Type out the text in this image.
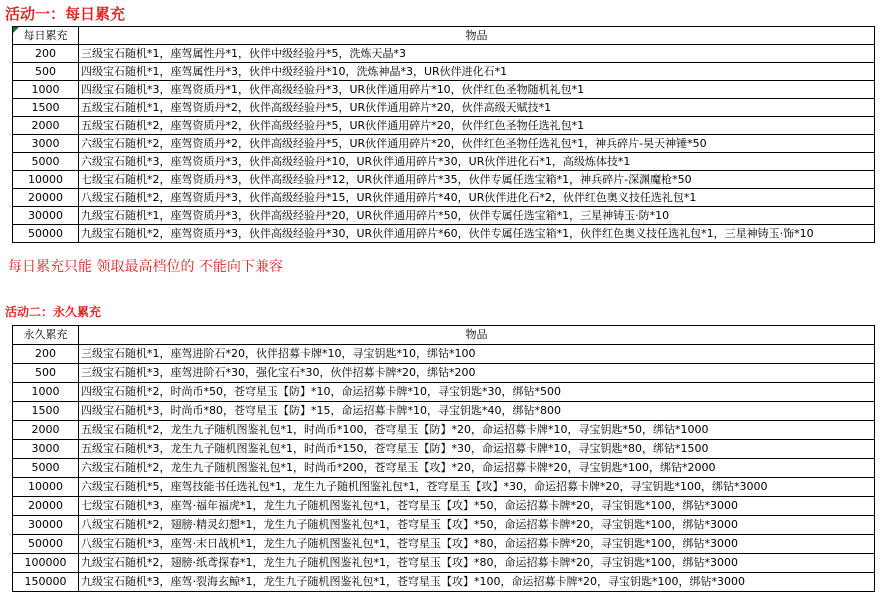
活动一：每日累充
每日累充	物品
200	三级宝石随机*1，座驾属性丹*1，伙伴中级经验丹*5，洗炼天晶*3
500	四级宝石随机*1，座驾属性丹*3，伙伴中级经验丹*10，洗炼神晶*3，UR伙伴进化石*1
1000	四级宝石随机*3，座驾资质丹*1，伙伴高级经验丹*3，UR伙伴通用碎片*10，伙伴红色圣物随机礼包*1
1500	五级宝石随机*1，座驾资质丹*2，伙伴高级经验丹*5，UR伙伴通用碎片*20，伙伴高级天赋技*1
2000	五级宝石随机*2，座驾资质丹*2，伙伴高级经验丹*5，UR伙伴通用碎片*20，伙伴红色圣物任选礼包*1
3000	六级宝石随机*2，座驾资质丹*2，伙伴高级经验丹*5，UR伙伴通用碎片*20，伙伴红色圣物任选礼包*1，神兵碎片-昊天神锤*50
5000	六级宝石随机*3，座驾资质丹*3，伙伴高级经验丹*10，UR伙伴通用碎片*30，UR伙伴进化石*1，高级炼体技*1
10000	七级宝石随机*2，座驾资质丹*3，伙伴高级经验丹*12，UR伙伴通用碎片*35，伙伴专属任选宝箱*1，神兵碎片-深渊魔枪*50
20000	八级宝石随机*2，座驾资质丹*3，伙伴高级经验丹*15，UR伙伴通用碎片*40，UR伙伴进化石*2，伙伴红色奥义技任选礼包*1
30000	九级宝石随机*1，座驾资质丹*3，伙伴高级经验丹*20，UR伙伴通用碎片*50，伙伴专属任选宝箱*1，三星神铸玉·防*10
50000	九级宝石随机*2，座驾资质丹*3，伙伴高级经验丹*30，UR伙伴通用碎片*60，伙伴专属任选宝箱*1，伙伴红色奥义技任选礼包*1，三星神铸玉·饰*10
每日累充只能 领取最高档位的 不能向下兼容
活动二：永久累充
永久累充	物品
200	三级宝石随机*1，座驾进阶石*20，伙伴招募卡牌*10，寻宝钥匙*10，绑钻*100
500	三级宝石随机*3，座驾进阶石*30，强化宝石*30，伙伴招募卡牌*20，绑钻*200
1000	四级宝石随机*2，时尚币*50，苍穹星玉【防】*10，命运招募卡牌*10，寻宝钥匙*30，绑钻*500
1500	四级宝石随机*3，时尚币*80，苍穹星玉【防】*15，命运招募卡牌*10，寻宝钥匙*40，绑钻*800
2000	五级宝石随机*2，龙生九子随机图鉴礼包*1，时尚币*100，苍穹星玉【防】*20，命运招募卡牌*10，寻宝钥匙*50，绑钻*1000
3000	五级宝石随机*3，龙生九子随机图鉴礼包*1，时尚币*150，苍穹星玉【防】*30，命运招募卡牌*10，寻宝钥匙*80，绑钻*1500
5000	六级宝石随机*2，龙生九子随机图鉴礼包*1，时尚币*200，苍穹星玉【攻】*20，命运招募卡牌*20，寻宝钥匙*100，绑钻*2000
10000	六级宝石随机*5，座驾技能书任选礼包*1，龙生九子随机图鉴礼包*1，苍穹星玉【攻】*30，命运招募卡牌*20，寻宝钥匙*100，绑钻*3000
20000	七级宝石随机*3，座驾·福年福虎*1，龙生九子随机图鉴礼包*1，苍穹星玉【攻】*50，命运招募卡牌*20，寻宝钥匙*100，绑钻*3000
30000	八级宝石随机*2，翅膀·精灵幻想*1，龙生九子随机图鉴礼包*1，苍穹星玉【攻】*50，命运招募卡牌*20，寻宝钥匙*100，绑钻*3000
50000	八级宝石随机*3，座驾·末日战机*1，龙生九子随机图鉴礼包*1，苍穹星玉【攻】*80，命运招募卡牌*20，寻宝钥匙*100，绑钻*3000
100000	九级宝石随机*2，翅膀·纸鸢探春*1，龙生九子随机图鉴礼包*1，苍穹星玉【攻】*80，命运招募卡牌*20，寻宝钥匙*100，绑钻*3000
150000	九级宝石随机*3，座驾·裂海玄鲸*1，龙生九子随机图鉴礼包*1，苍穹星玉【攻】*100，命运招募卡牌*20，寻宝钥匙*100，绑钻*3000
